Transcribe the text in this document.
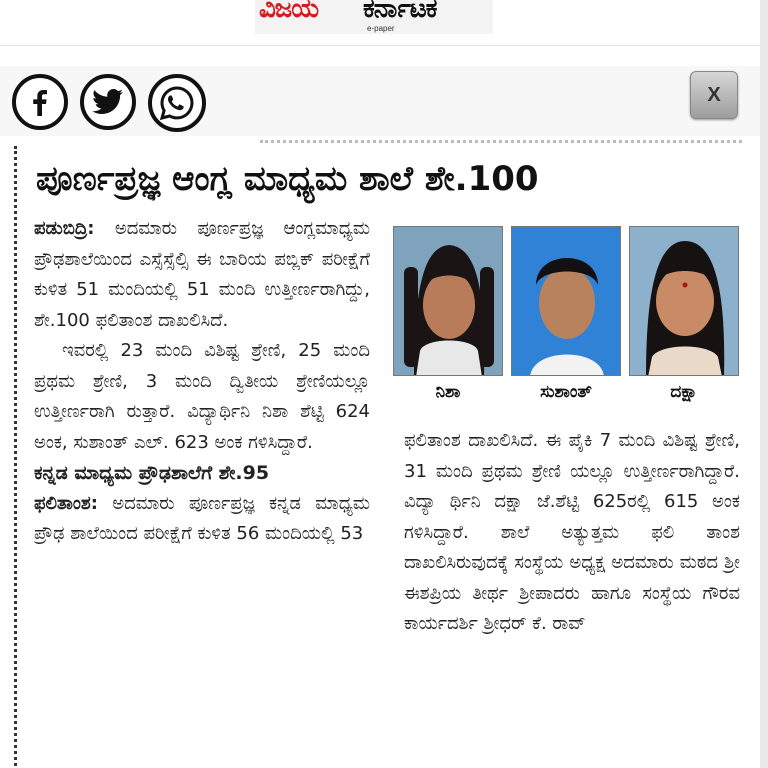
ವಿಜಯ ಕರ್ನಾಟಕ
e-paper
X
ಪೂರ್ಣಪ್ರಜ್ಞ ಆಂಗ್ಲ ಮಾಧ್ಯಮ ಶಾಲೆ ಶೇ.100

ಪಡುಬಿದ್ರಿ: ಅದಮಾರು ಪೂರ್ಣಪ್ರಜ್ಞ ಆಂಗ್ಲಮಾಧ್ಯಮ ಪ್ರೌಢಶಾಲೆಯಿಂದ ಎಸ್ಸೆಸ್ಸೆಲ್ಸಿ ಈ ಬಾರಿಯ ಪಬ್ಲಿಕ್ ಪರೀಕ್ಷೆಗೆ ಕುಳಿತ 51 ಮಂದಿಯಲ್ಲಿ 51 ಮಂದಿ ಉತ್ತೀರ್ಣರಾಗಿದ್ದು, ಶೇ.100 ಫಲಿತಾಂಶ ದಾಖಲಿಸಿದೆ.

ಇವರಲ್ಲಿ 23 ಮಂದಿ ವಿಶಿಷ್ಟ ಶ್ರೇಣಿ, 25 ಮಂದಿ ಪ್ರಥಮ ಶ್ರೇಣಿ, 3 ಮಂದಿ ದ್ವಿತೀಯ ಶ್ರೇಣಿಯಲ್ಲೂ ಉತ್ತೀರ್ಣರಾಗಿ ರುತ್ತಾರೆ. ವಿದ್ಯಾರ್ಥಿನಿ ನಿಶಾ ಶೆಟ್ಟಿ 624 ಅಂಕ, ಸುಶಾಂತ್ ಎಲ್. 623 ಅಂಕ ಗಳಿಸಿದ್ದಾರೆ.

ಕನ್ನಡ ಮಾಧ್ಯಮ ಪ್ರೌಢಶಾಲೆಗೆ ಶೇ.95

ಫಲಿತಾಂಶ: ಅದಮಾರು ಪೂರ್ಣಪ್ರಜ್ಞ ಕನ್ನಡ ಮಾಧ್ಯಮ ಪ್ರೌಢ ಶಾಲೆಯಿಂದ ಪರೀಕ್ಷೆಗೆ ಕುಳಿತ 56 ಮಂದಿಯಲ್ಲಿ 53

ನಿಶಾ	ಸುಶಾಂತ್	ದಕ್ಷಾ

ಫಲಿತಾಂಶ ದಾಖಲಿಸಿದೆ. ಈ ಪೈಕಿ 7 ಮಂದಿ ವಿಶಿಷ್ಟ ಶ್ರೇಣಿ, 31 ಮಂದಿ ಪ್ರಥಮ ಶ್ರೇಣಿ ಯಲ್ಲೂ ಉತ್ತೀರ್ಣರಾಗಿದ್ದಾರೆ. ವಿದ್ಯಾ ರ್ಥಿನಿ ದಕ್ಷಾ ಜೆ.ಶೆಟ್ಟಿ 625ರಲ್ಲಿ 615 ಅಂಕ ಗಳಿಸಿದ್ದಾರೆ. ಶಾಲೆ ಅತ್ಯುತ್ತಮ ಫಲಿ ತಾಂಶ ದಾಖಲಿಸಿರುವುದಕ್ಕೆ ಸಂಸ್ಥೆಯ ಅಧ್ಯಕ್ಷ ಅದಮಾರು ಮಠದ ಶ್ರೀ ಈಶಪ್ರಿಯ ತೀರ್ಥ ಶ್ರೀಪಾದರು ಹಾಗೂ ಸಂಸ್ಥೆಯ ಗೌರವ ಕಾರ್ಯದರ್ಶಿ ಶ್ರೀಧರ್ ಕೆ. ರಾವ್
